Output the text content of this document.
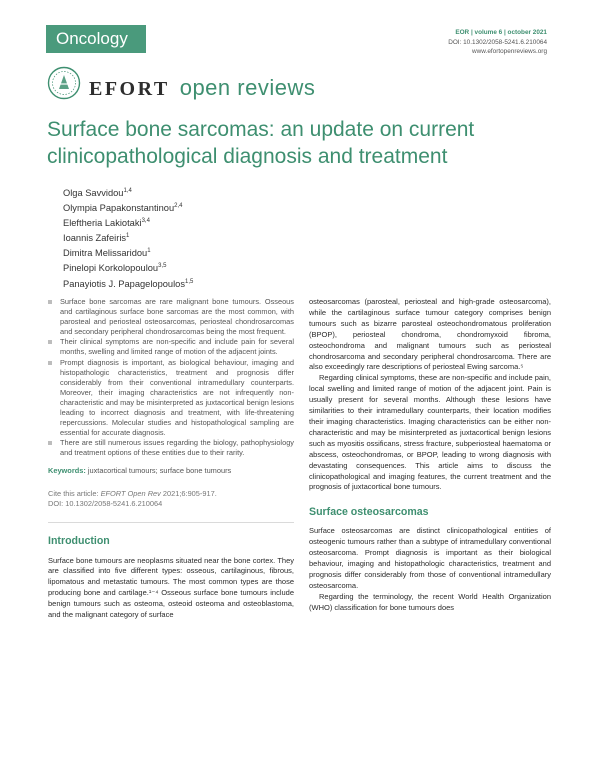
Oncology	EOR | volume 6 | october 2021
DOI: 10.1302/2058-5241.6.210064
www.efortopenreviews.org
EFORT open reviews
Surface bone sarcomas: an update on current clinicopathological diagnosis and treatment
Olga Savvidou$^{1,4}$
Olympia Papakonstantinou$^{2,4}$
Eleftheria Lakiotaki$^{3,4}$
Ioannis Zafeiris$^1$
Dimitra Melissaridou$^1$
Pinelopi Korkolopoulou$^{3,5}$
Panayiotis J. Papagelopoulos$^{1,5}$
Surface bone sarcomas are rare malignant bone tumours. Osseous and cartilaginous surface bone sarcomas are the most common, with parosteal and periosteal osteosarcomas, periosteal chondrosarcomas and secondary peripheral chondrosarcomas being the most frequent.
Their clinical symptoms are non-specific and include pain for several months, swelling and limited range of motion of the adjacent joints.
Prompt diagnosis is important, as biological behaviour, imaging and histopathologic characteristics, treatment and prognosis differ considerably from their conventional intramedullary counterparts. Moreover, their imaging characteristics are not infrequently non-characteristic and may be misinterpreted as juxtacortical benign lesions leading to incorrect diagnosis and treatment, with life-threatening repercussions. Molecular studies and histopathological sampling are essential for accurate diagnosis.
There are still numerous issues regarding the biology, pathophysiology and treatment options of these entities due to their rarity.
Keywords: juxtacortical tumours; surface bone tumours
Cite this article: EFORT Open Rev 2021;6:905-917.
DOI: 10.1302/2058-5241.6.210064
Introduction

Surface bone tumours are neoplasms situated near the bone cortex. They are classified into five different types: osseous, cartilaginous, fibrous, lipomatous and metastatic tumours. The most common types are those producing bone and cartilage.¹⁻⁴ Osseous surface bone tumours include benign tumours such as osteoma, osteoid osteoma and osteoblastoma, and the malignant category of surface

osteosarcomas (parosteal, periosteal and high-grade osteosarcoma), while the cartilaginous surface tumour category comprises benign tumours such as bizarre parosteal osteochondromatous proliferation (BPOP), periosteal chondroma, chondromyxoid fibroma, osteochondroma and malignant tumours such as periosteal chondrosarcoma and secondary peripheral chondrosarcoma. There are also exceedingly rare descriptions of periosteal Ewing sarcoma.⁵

Regarding clinical symptoms, these are non-specific and include pain, local swelling and limited range of motion of the adjacent joint. Pain is usually present for several months. Although these lesions have similarities to their intramedullary counterparts, their location modifies their imaging characteristics. Imaging characteristics can be either non-characteristic and may be misinterpreted as juxtacortical benign lesions such as myositis ossificans, stress fracture, subperiosteal haematoma or abscess, osteochondromas, or BPOP, leading to wrong diagnosis with devastating consequences. This article aims to discuss the clinicopathological and imaging features, the current treatment and the prognosis of juxtacortical bone tumours.

Surface osteosarcomas

Surface osteosarcomas are distinct clinicopathological entities of osteogenic tumours rather than a subtype of intramedullary conventional osteosarcoma. Prompt diagnosis is important as their biological behaviour, imaging and histopathologic characteristics, treatment and prognosis differ considerably from those of conventional intramedullary osteosarcoma.

Regarding the terminology, the recent World Health Organization (WHO) classification for bone tumours does
